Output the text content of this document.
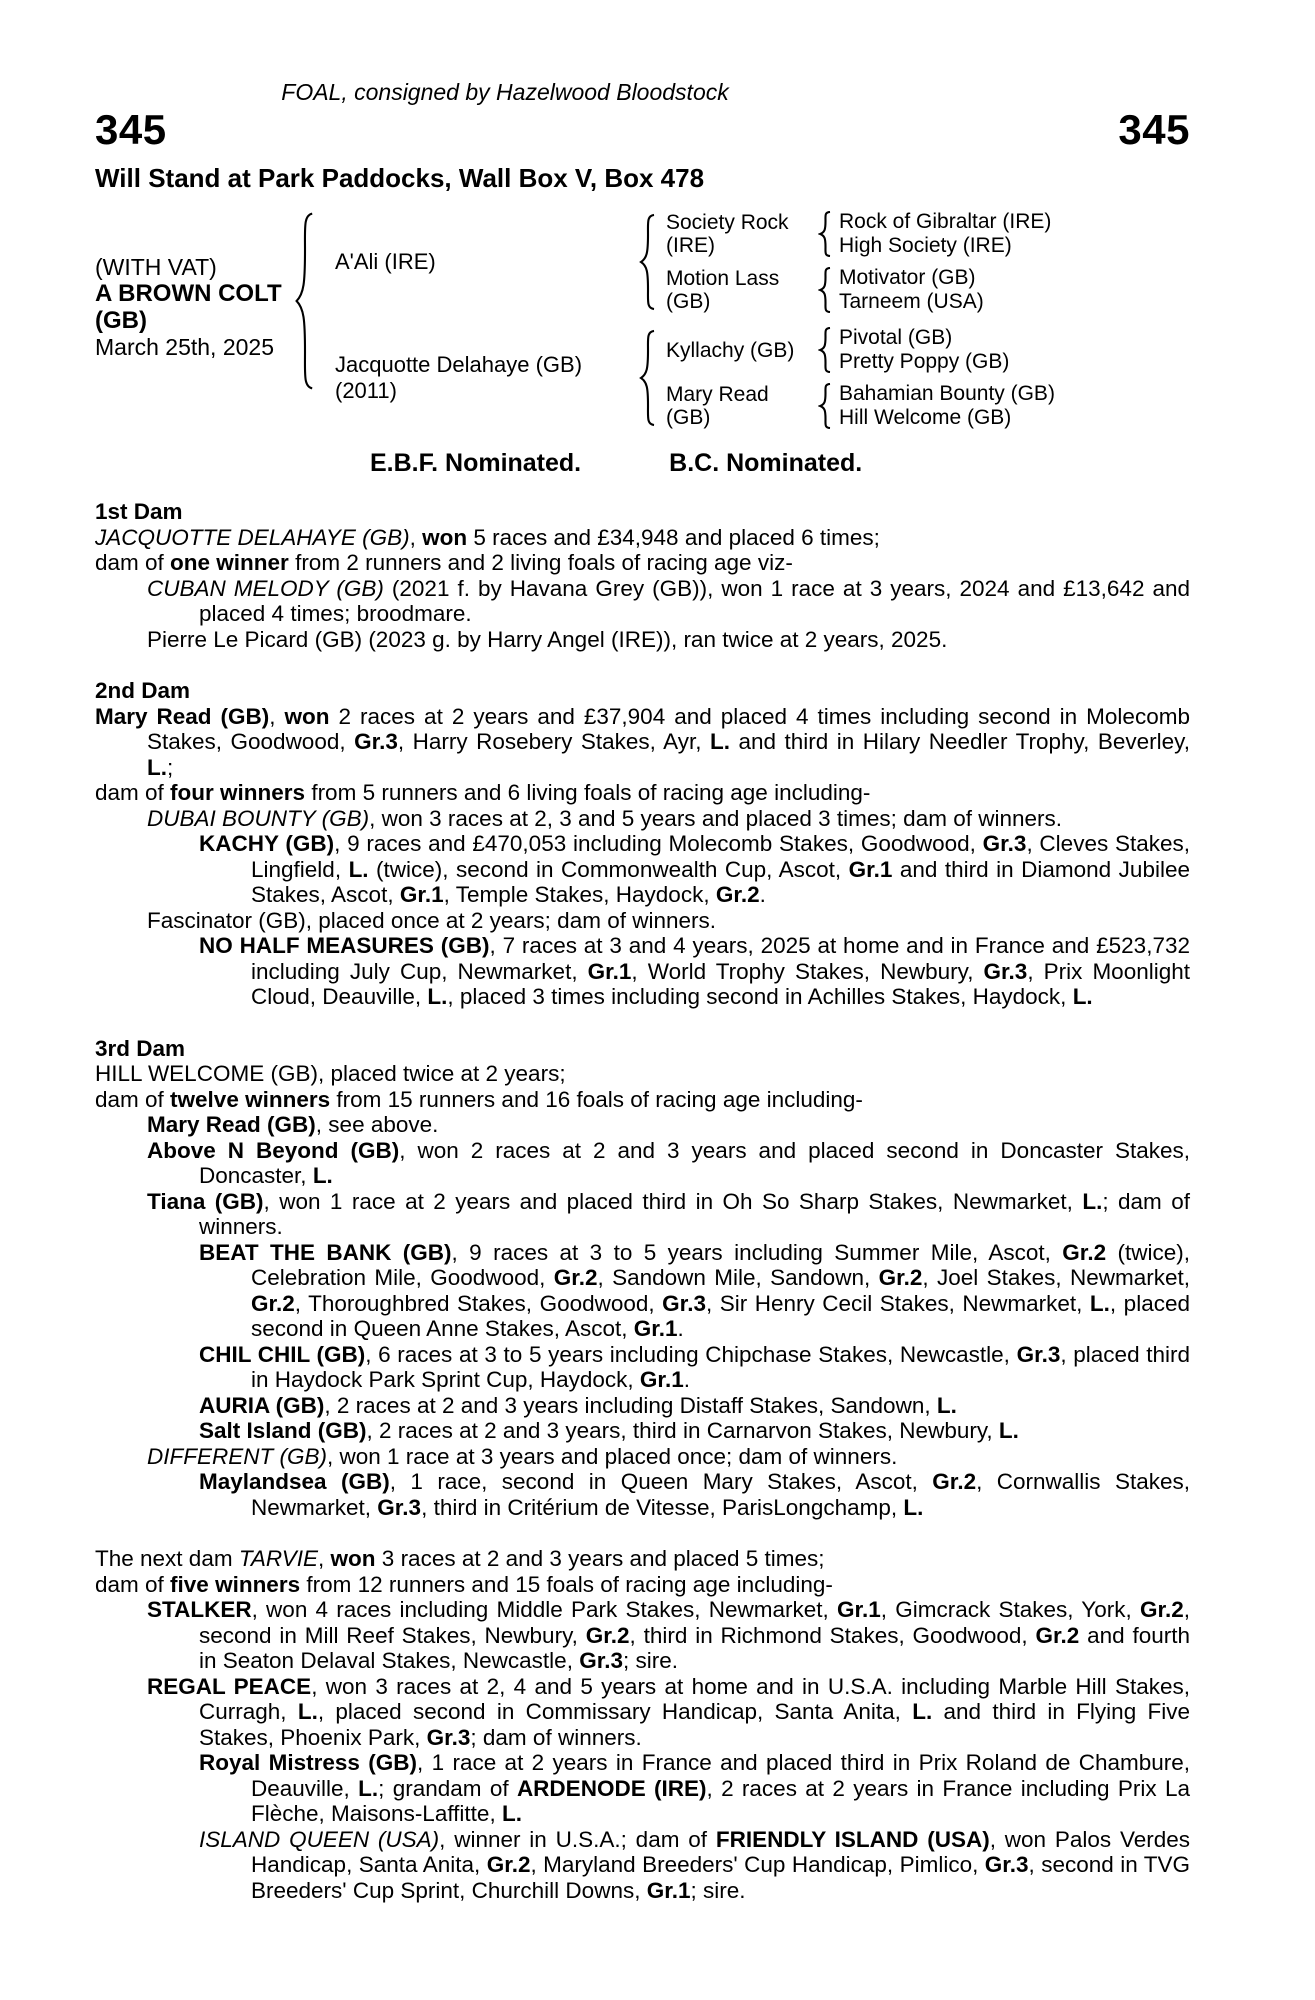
FOAL, consigned by Hazelwood Bloodstock
345	345
Will Stand at Park Paddocks, Wall Box V, Box 478
(WITH VAT)
A BROWN COLT (GB)
March 25th, 2025
A'Ali (IRE)
Society Rock (IRE)
Rock of Gibraltar (IRE)
High Society (IRE)
Motion Lass (GB)
Motivator (GB)
Tarneem (USA)
Jacquotte Delahaye (GB)
(2011)
Kyllachy (GB)
Pivotal (GB)
Pretty Poppy (GB)
Mary Read (GB)
Bahamian Bounty (GB)
Hill Welcome (GB)
E.B.F. Nominated.	B.C. Nominated.
1st Dam
JACQUOTTE DELAHAYE (GB), won 5 races and £34,948 and placed 6 times;
dam of one winner from 2 runners and 2 living foals of racing age viz-
CUBAN MELODY (GB) (2021 f. by Havana Grey (GB)), won 1 race at 3 years, 2024 and £13,642 and placed 4 times; broodmare.
Pierre Le Picard (GB) (2023 g. by Harry Angel (IRE)), ran twice at 2 years, 2025.
2nd Dam
Mary Read (GB), won 2 races at 2 years and £37,904 and placed 4 times including second in Molecomb Stakes, Goodwood, Gr.3, Harry Rosebery Stakes, Ayr, L. and third in Hilary Needler Trophy, Beverley, L.;
dam of four winners from 5 runners and 6 living foals of racing age including-
DUBAI BOUNTY (GB), won 3 races at 2, 3 and 5 years and placed 3 times; dam of winners.
KACHY (GB), 9 races and £470,053 including Molecomb Stakes, Goodwood, Gr.3, Cleves Stakes, Lingfield, L. (twice), second in Commonwealth Cup, Ascot, Gr.1 and third in Diamond Jubilee Stakes, Ascot, Gr.1, Temple Stakes, Haydock, Gr.2.
Fascinator (GB), placed once at 2 years; dam of winners.
NO HALF MEASURES (GB), 7 races at 3 and 4 years, 2025 at home and in France and £523,732 including July Cup, Newmarket, Gr.1, World Trophy Stakes, Newbury, Gr.3, Prix Moonlight Cloud, Deauville, L., placed 3 times including second in Achilles Stakes, Haydock, L.
3rd Dam
HILL WELCOME (GB), placed twice at 2 years;
dam of twelve winners from 15 runners and 16 foals of racing age including-
Mary Read (GB), see above.
Above N Beyond (GB), won 2 races at 2 and 3 years and placed second in Doncaster Stakes, Doncaster, L.
Tiana (GB), won 1 race at 2 years and placed third in Oh So Sharp Stakes, Newmarket, L.; dam of winners.
BEAT THE BANK (GB), 9 races at 3 to 5 years including Summer Mile, Ascot, Gr.2 (twice), Celebration Mile, Goodwood, Gr.2, Sandown Mile, Sandown, Gr.2, Joel Stakes, Newmarket, Gr.2, Thoroughbred Stakes, Goodwood, Gr.3, Sir Henry Cecil Stakes, Newmarket, L., placed second in Queen Anne Stakes, Ascot, Gr.1.
CHIL CHIL (GB), 6 races at 3 to 5 years including Chipchase Stakes, Newcastle, Gr.3, placed third in Haydock Park Sprint Cup, Haydock, Gr.1.
AURIA (GB), 2 races at 2 and 3 years including Distaff Stakes, Sandown, L.
Salt Island (GB), 2 races at 2 and 3 years, third in Carnarvon Stakes, Newbury, L.
DIFFERENT (GB), won 1 race at 3 years and placed once; dam of winners.
Maylandsea (GB), 1 race, second in Queen Mary Stakes, Ascot, Gr.2, Cornwallis Stakes, Newmarket, Gr.3, third in Critérium de Vitesse, ParisLongchamp, L.
The next dam TARVIE, won 3 races at 2 and 3 years and placed 5 times;
dam of five winners from 12 runners and 15 foals of racing age including-
STALKER, won 4 races including Middle Park Stakes, Newmarket, Gr.1, Gimcrack Stakes, York, Gr.2, second in Mill Reef Stakes, Newbury, Gr.2, third in Richmond Stakes, Goodwood, Gr.2 and fourth in Seaton Delaval Stakes, Newcastle, Gr.3; sire.
REGAL PEACE, won 3 races at 2, 4 and 5 years at home and in U.S.A. including Marble Hill Stakes, Curragh, L., placed second in Commissary Handicap, Santa Anita, L. and third in Flying Five Stakes, Phoenix Park, Gr.3; dam of winners.
Royal Mistress (GB), 1 race at 2 years in France and placed third in Prix Roland de Chambure, Deauville, L.; grandam of ARDENODE (IRE), 2 races at 2 years in France including Prix La Flèche, Maisons-Laffitte, L.
ISLAND QUEEN (USA), winner in U.S.A.; dam of FRIENDLY ISLAND (USA), won Palos Verdes Handicap, Santa Anita, Gr.2, Maryland Breeders' Cup Handicap, Pimlico, Gr.3, second in TVG Breeders' Cup Sprint, Churchill Downs, Gr.1; sire.
